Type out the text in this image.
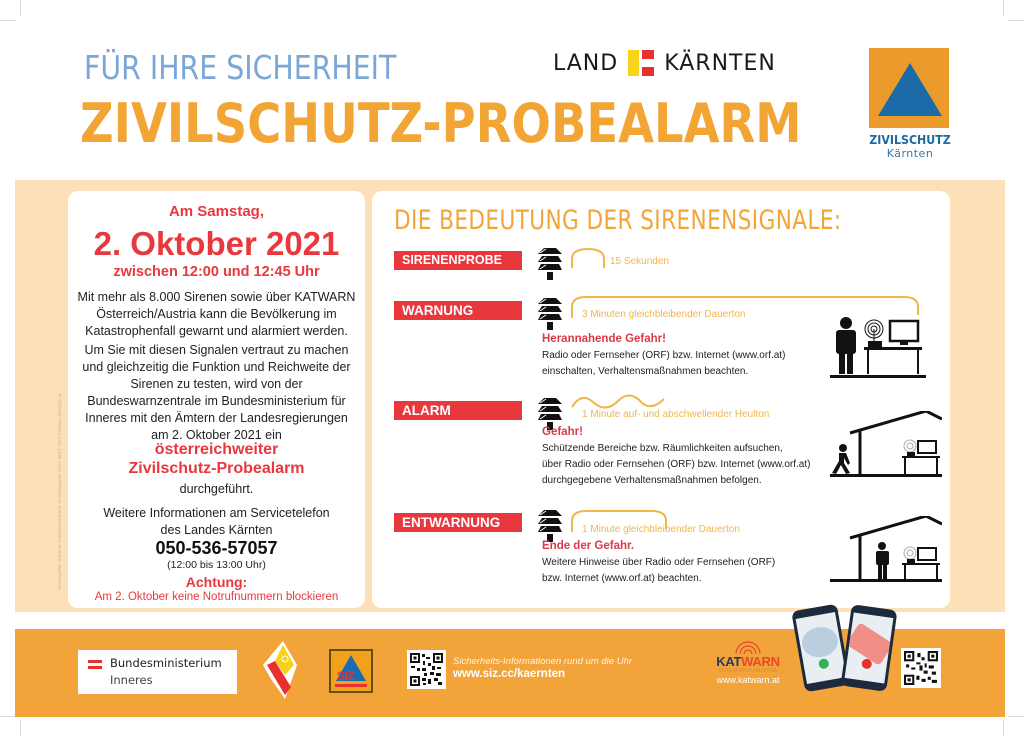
FÜR IHRE SICHERHEIT
ZIVILSCHUTZ-PROBEALARM
LAND KÄRNTEN
ZIVILSCHUTZ
Kärnten
Herausgeber: Kärntner Zivilschutzverband, Rosentalgasse 10/III, Bild © 2021 Katwarn, info@siz.at
Am Samstag,
2. Oktober 2021
zwischen 12:00 und 12:45 Uhr
Mit mehr als 8.000 Sirenen sowie über KATWARN
Österreich/Austria kann die Bevölkerung im
Katastrophenfall gewarnt und alarmiert werden.
Um Sie mit diesen Signalen vertraut zu machen
und gleichzeitig die Funktion und Reichweite der
Sirenen zu testen, wird von der
Bundeswarnzentrale im Bundesministerium für
Inneres mit den Ämtern der Landesregierungen
am 2. Oktober 2021 ein
österreichweiter
Zivilschutz-Probealarm
durchgeführt.
Weitere Informationen am Servicetelefon
des Landes Kärnten
050-536-57057
(12:00 bis 13:00 Uhr)
Achtung:
Am 2. Oktober keine Notrufnummern blockieren
DIE BEDEUTUNG DER SIRENENSIGNALE:
SIRENENPROBE	15 Sekunden
WARNUNG	3 Minuten gleichbleibender Dauerton
Herannahende Gefahr!
Radio oder Fernseher (ORF) bzw. Internet (www.orf.at)
einschalten, Verhaltensmaßnahmen beachten.
ALARM	1 Minute auf- und abschwellender Heulton
Gefahr!
Schützende Bereiche bzw. Räumlichkeiten aufsuchen,
über Radio oder Fernsehen (ORF) bzw. Internet (www.orf.at)
durchgegebene Verhaltensmaßnahmen befolgen.
ENTWARNUNG	1 Minute gleichbleibender Dauerton
Ende der Gefahr.
Weitere Hinweise über Radio oder Fernsehen (ORF)
bzw. Internet (www.orf.at) beachten.
Bundesministerium
Inneres	SIZ
Sicherheits-Informationen rund um die Uhr
www.siz.cc/kaernten
KATWARN
ÖSTERREICH / AUSTRIA
www.katwarn.at
